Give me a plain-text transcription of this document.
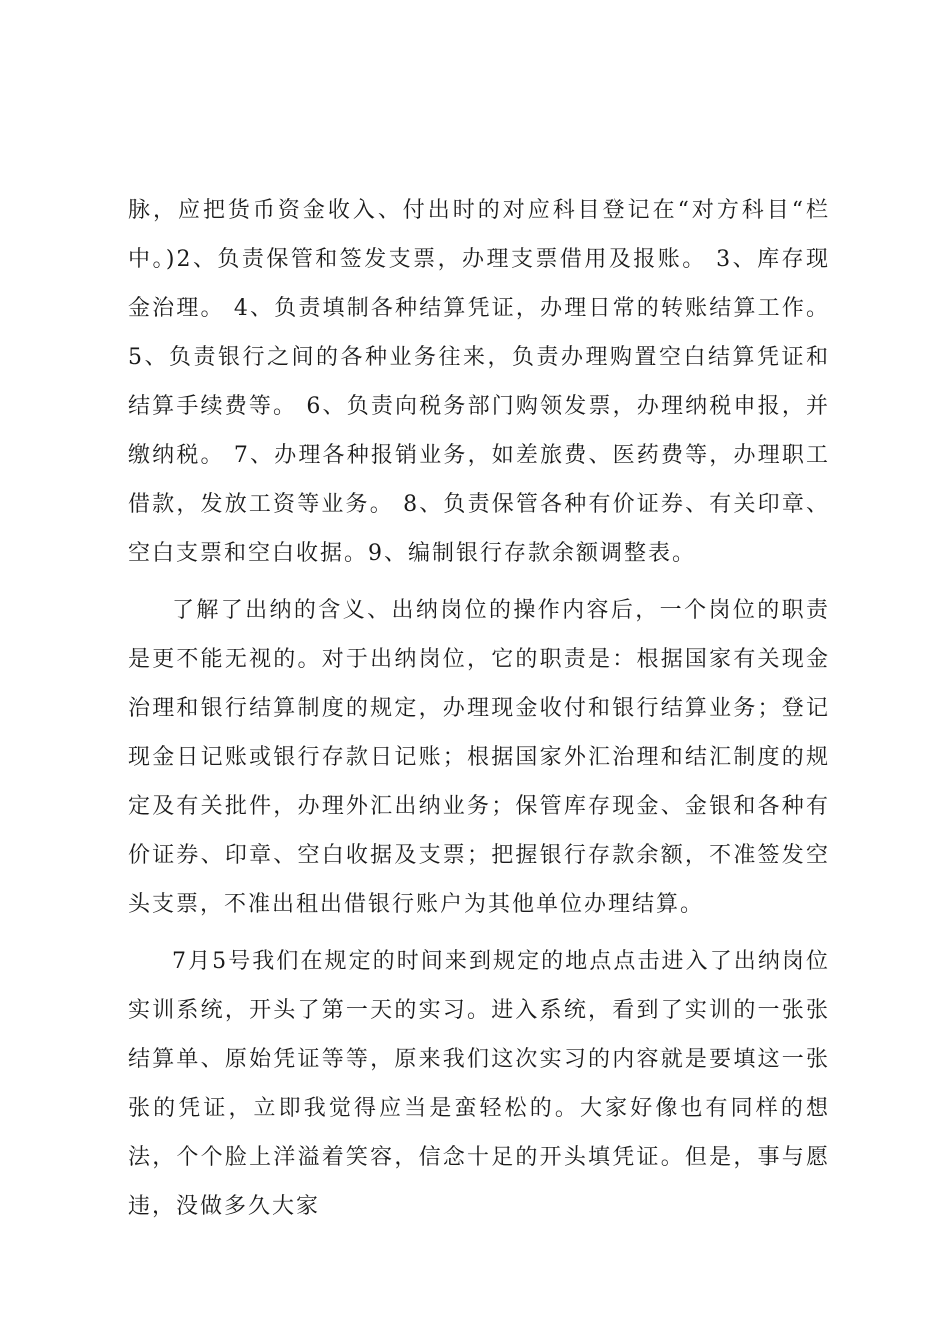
脉，应把货币资金收入、付出时的对应科目登记在“对方科目“栏中。)2、负责保管和签发支票，办理支票借用及报账。 3、库存现金治理。 4、负责填制各种结算凭证，办理日常的转账结算工作。 5、负责银行之间的各种业务往来，负责办理购置空白结算凭证和结算手续费等。 6、负责向税务部门购领发票，办理纳税申报，并缴纳税。 7、办理各种报销业务，如差旅费、医药费等，办理职工借款，发放工资等业务。 8、负责保管各种有价证券、有关印章、空白支票和空白收据。9、编制银行存款余额调整表。

了解了出纳的含义、出纳岗位的操作内容后，一个岗位的职责是更不能无视的。对于出纳岗位，它的职责是：根据国家有关现金治理和银行结算制度的规定，办理现金收付和银行结算业务；登记现金日记账或银行存款日记账；根据国家外汇治理和结汇制度的规定及有关批件，办理外汇出纳业务；保管库存现金、金银和各种有价证券、印章、空白收据及支票；把握银行存款余额，不准签发空头支票，不准出租出借银行账户为其他单位办理结算。

7月5号我们在规定的时间来到规定的地点点击进入了出纳岗位实训系统，开头了第一天的实习。进入系统，看到了实训的一张张结算单、原始凭证等等，原来我们这次实习的内容就是要填这一张张的凭证，立即我觉得应当是蛮轻松的。大家好像也有同样的想法，个个脸上洋溢着笑容，信念十足的开头填凭证。但是，事与愿违，没做多久大家
